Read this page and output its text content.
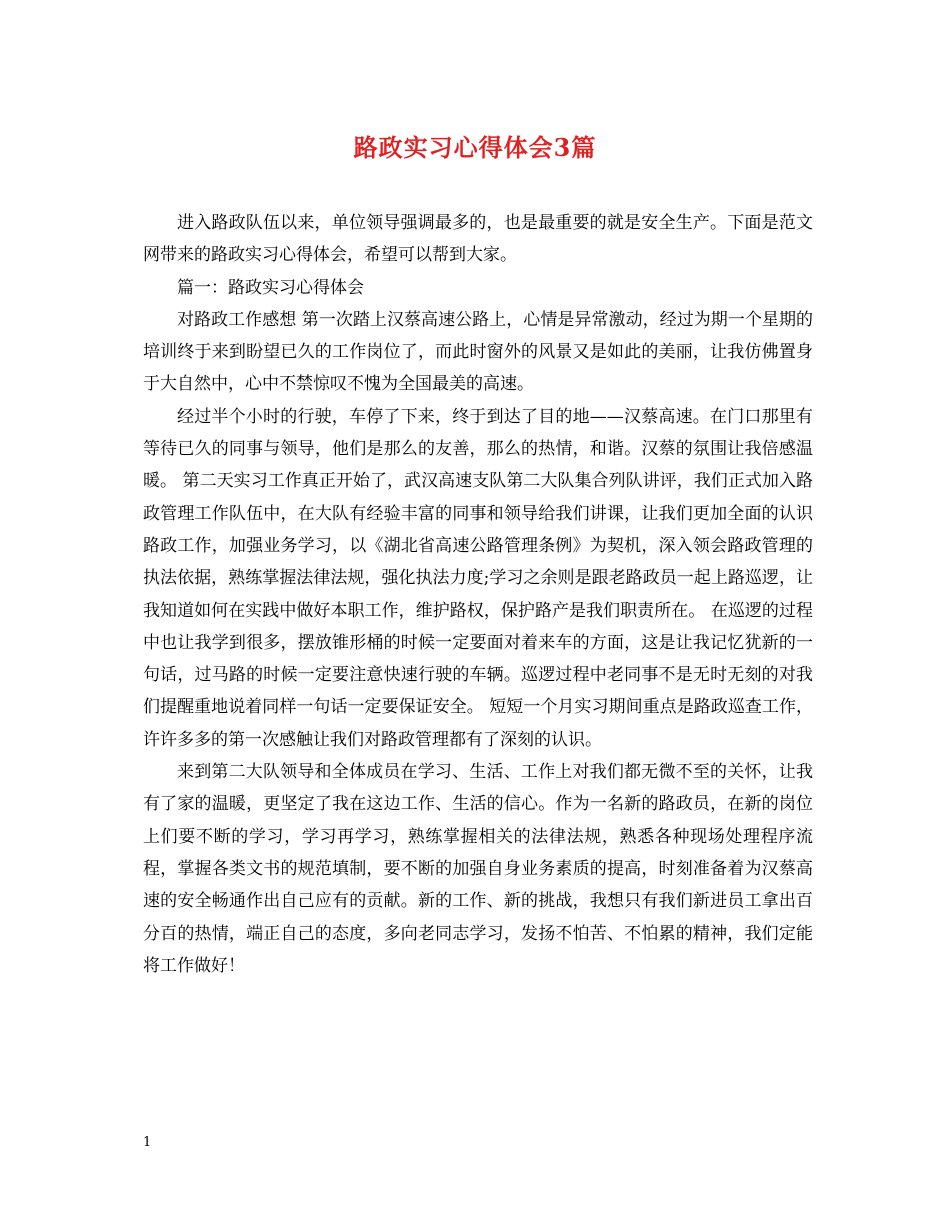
路政实习心得体会3篇

进入路政队伍以来，单位领导强调最多的，也是最重要的就是安全生产。下面是范文网带来的路政实习心得体会，希望可以帮到大家。

篇一：路政实习心得体会

对路政工作感想 第一次踏上汉蔡高速公路上，心情是异常激动，经过为期一个星期的培训终于来到盼望已久的工作岗位了，而此时窗外的风景又是如此的美丽，让我仿佛置身于大自然中，心中不禁惊叹不愧为全国最美的高速。

经过半个小时的行驶，车停了下来，终于到达了目的地——汉蔡高速。在门口那里有等待已久的同事与领导，他们是那么的友善，那么的热情，和谐。汉蔡的氛围让我倍感温暖。 第二天实习工作真正开始了，武汉高速支队第二大队集合列队讲评，我们正式加入路政管理工作队伍中，在大队有经验丰富的同事和领导给我们讲课，让我们更加全面的认识路政工作，加强业务学习，以《湖北省高速公路管理条例》为契机，深入领会路政管理的执法依据，熟练掌握法律法规，强化执法力度;学习之余则是跟老路政员一起上路巡逻，让我知道如何在实践中做好本职工作，维护路权，保护路产是我们职责所在。 在巡逻的过程中也让我学到很多，摆放锥形桶的时候一定要面对着来车的方面，这是让我记忆犹新的一句话，过马路的时候一定要注意快速行驶的车辆。巡逻过程中老同事不是无时无刻的对我们提醒重地说着同样一句话一定要保证安全。 短短一个月实习期间重点是路政巡查工作，许许多多的第一次感触让我们对路政管理都有了深刻的认识。

来到第二大队领导和全体成员在学习、生活、工作上对我们都无微不至的关怀，让我有了家的温暖，更坚定了我在这边工作、生活的信心。作为一名新的路政员，在新的岗位上们要不断的学习，学习再学习，熟练掌握相关的法律法规，熟悉各种现场处理程序流程，掌握各类文书的规范填制，要不断的加强自身业务素质的提高，时刻准备着为汉蔡高速的安全畅通作出自己应有的贡献。新的工作、新的挑战，我想只有我们新进员工拿出百分百的热情，端正自己的态度，多向老同志学习，发扬不怕苦、不怕累的精神，我们定能将工作做好！

1
